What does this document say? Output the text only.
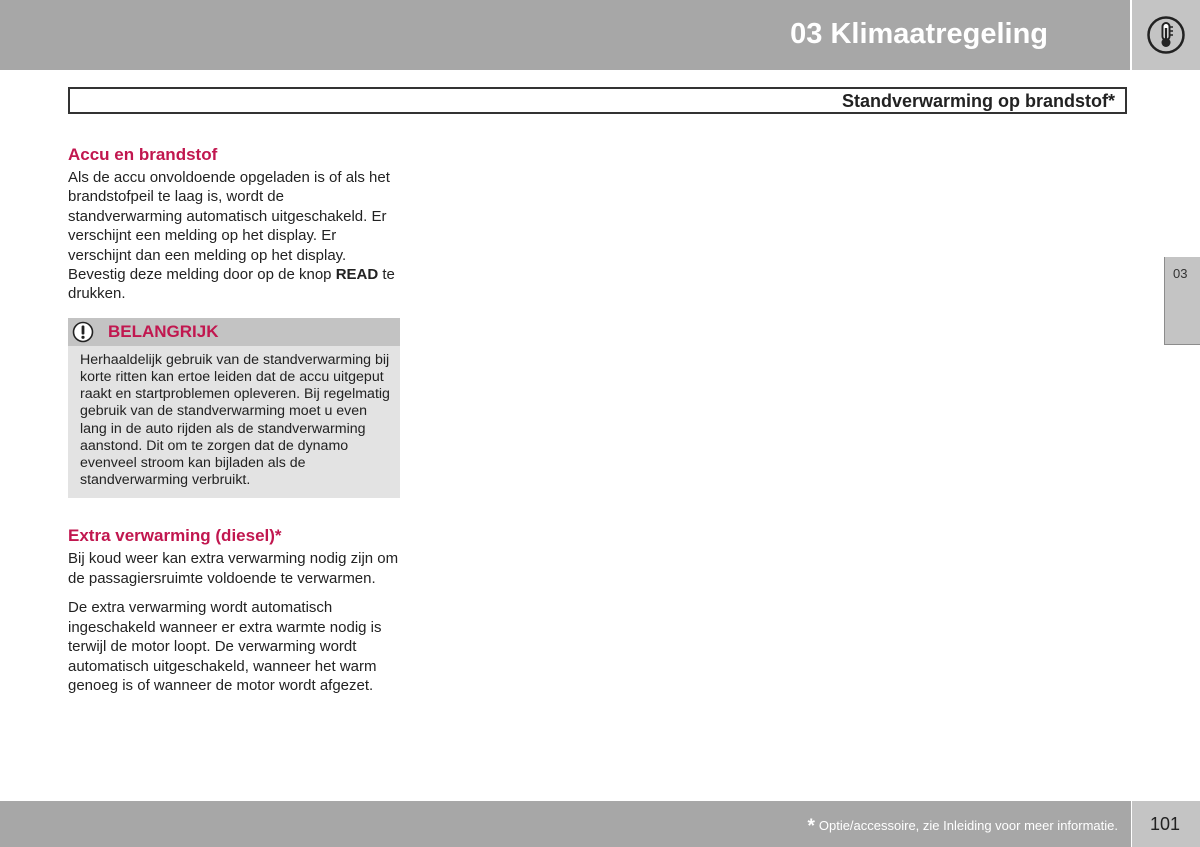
03 Klimaatregeling
Standverwarming op brandstof*
03
Accu en brandstof

Als de accu onvoldoende opgeladen is of als het brandstofpeil te laag is, wordt de standverwarming automatisch uitgeschakeld. Er verschijnt een melding op het display. Er verschijnt dan een melding op het display. Bevestig deze melding door op de knop READ te drukken.

BELANGRIJK
Herhaaldelijk gebruik van de standverwarming bij korte ritten kan ertoe leiden dat de accu uitgeput raakt en startproblemen opleveren. Bij regelmatig gebruik van de standverwarming moet u even lang in de auto rijden als de standverwarming aanstond. Dit om te zorgen dat de dynamo evenveel stroom kan bijladen als de standverwarming verbruikt.
Extra verwarming (diesel)*

Bij koud weer kan extra verwarming nodig zijn om de passagiersruimte voldoende te verwarmen.

De extra verwarming wordt automatisch ingeschakeld wanneer er extra warmte nodig is terwijl de motor loopt. De verwarming wordt automatisch uitgeschakeld, wanneer het warm genoeg is of wanneer de motor wordt afgezet.

* Optie/accessoire, zie Inleiding voor meer informatie. 101
